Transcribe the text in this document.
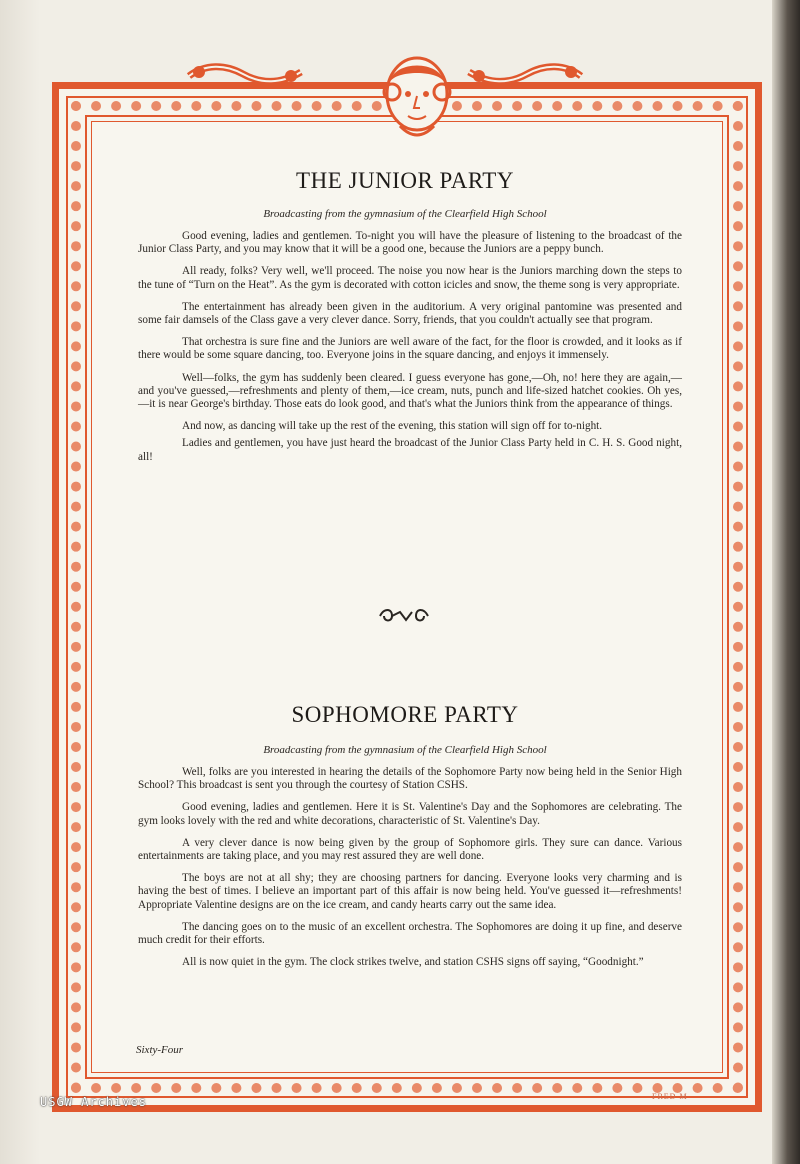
THE JUNIOR PARTY
Broadcasting from the gymnasium of the Clearfield High School

Good evening, ladies and gentlemen. To-night you will have the pleasure of listening to the broadcast of the Junior Class Party, and you may know that it will be a good one, because the Juniors are a peppy bunch.

All ready, folks? Very well, we'll proceed. The noise you now hear is the Juniors marching down the steps to the tune of “Turn on the Heat”. As the gym is decorated with cotton icicles and snow, the theme song is very appropriate.

The entertainment has already been given in the auditorium. A very original pantomine was presented and some fair damsels of the Class gave a very clever dance. Sorry, friends, that you couldn't actually see that program.

That orchestra is sure fine and the Juniors are well aware of the fact, for the floor is crowded, and it looks as if there would be some square dancing, too. Everyone joins in the square dancing, and enjoys it immensely.

Well—folks, the gym has suddenly been cleared. I guess everyone has gone,—Oh, no! here they are again,—and you've guessed,—refreshments and plenty of them,—ice cream, nuts, punch and life-sized hatchet cookies. Oh yes,—it is near George's birthday. Those eats do look good, and that's what the Juniors think from the appearance of things.

And now, as dancing will take up the rest of the evening, this station will sign off for to-night.

Ladies and gentlemen, you have just heard the broadcast of the Junior Class Party held in C. H. S. Good night, all!

SOPHOMORE PARTY
Broadcasting from the gymnasium of the Clearfield High School

Well, folks are you interested in hearing the details of the Sophomore Party now being held in the Senior High School? This broadcast is sent you through the courtesy of Station CSHS.

Good evening, ladies and gentlemen. Here it is St. Valentine's Day and the Sophomores are celebrating. The gym looks lovely with the red and white decorations, characteristic of St. Valentine's Day.

A very clever dance is now being given by the group of Sophomore girls. They sure can dance. Various entertainments are taking place, and you may rest assured they are well done.

The boys are not at all shy; they are choosing partners for dancing. Everyone looks very charming and is having the best of times. I believe an important part of this affair is now being held. You've guessed it—refreshments! Appropriate Valentine designs are on the ice cream, and candy hearts carry out the same idea.

The dancing goes on to the music of an excellent orchestra. The Sophomores are doing it up fine, and deserve much credit for their efforts.

All is now quiet in the gym. The clock strikes twelve, and station CSHS signs off saying, “Goodnight.”

Sixty-Four
FRED M
USGW Archives
